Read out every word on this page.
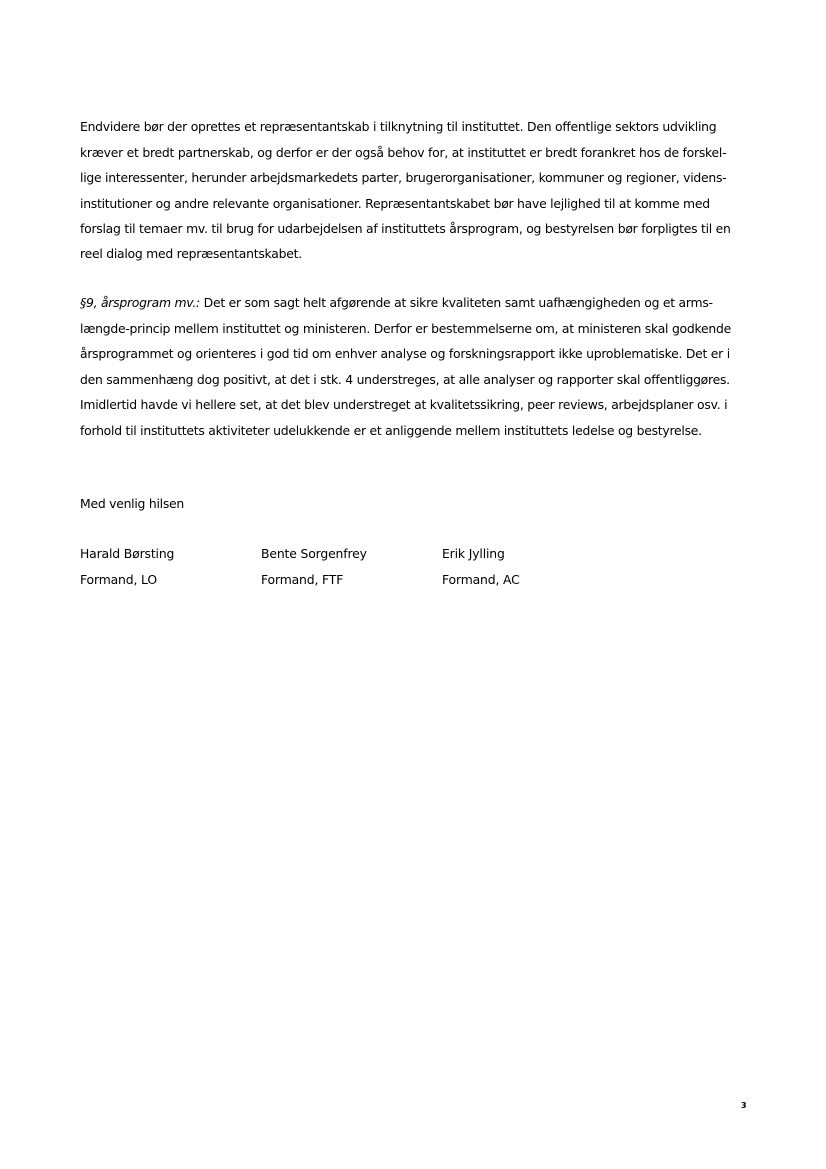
Endvidere bør der oprettes et repræsentantskab i tilknytning til instituttet. Den offentlige sektors udvikling
kræver et bredt partnerskab, og derfor er der også behov for, at instituttet er bredt forankret hos de forskel-
lige interessenter, herunder arbejdsmarkedets parter, brugerorganisationer, kommuner og regioner, videns-
institutioner og andre relevante organisationer. Repræsentantskabet bør have lejlighed til at komme med
forslag til temaer mv. til brug for udarbejdelsen af instituttets årsprogram, og bestyrelsen bør forpligtes til en
reel dialog med repræsentantskabet.
§9, årsprogram mv.: Det er som sagt helt afgørende at sikre kvaliteten samt uafhængigheden og et arms-
længde-princip mellem instituttet og ministeren. Derfor er bestemmelserne om, at ministeren skal godkende
årsprogrammet og orienteres i god tid om enhver analyse og forskningsrapport ikke uproblematiske. Det er i
den sammenhæng dog positivt, at det i stk. 4 understreges, at alle analyser og rapporter skal offentliggøres.
Imidlertid havde vi hellere set, at det blev understreget at kvalitetssikring, peer reviews, arbejdsplaner osv. i
forhold til instituttets aktiviteter udelukkende er et anliggende mellem instituttets ledelse og bestyrelse.
Med venlig hilsen
Harald Børsting
Formand, LO
Bente Sorgenfrey
Formand, FTF
Erik Jylling
Formand, AC
3
